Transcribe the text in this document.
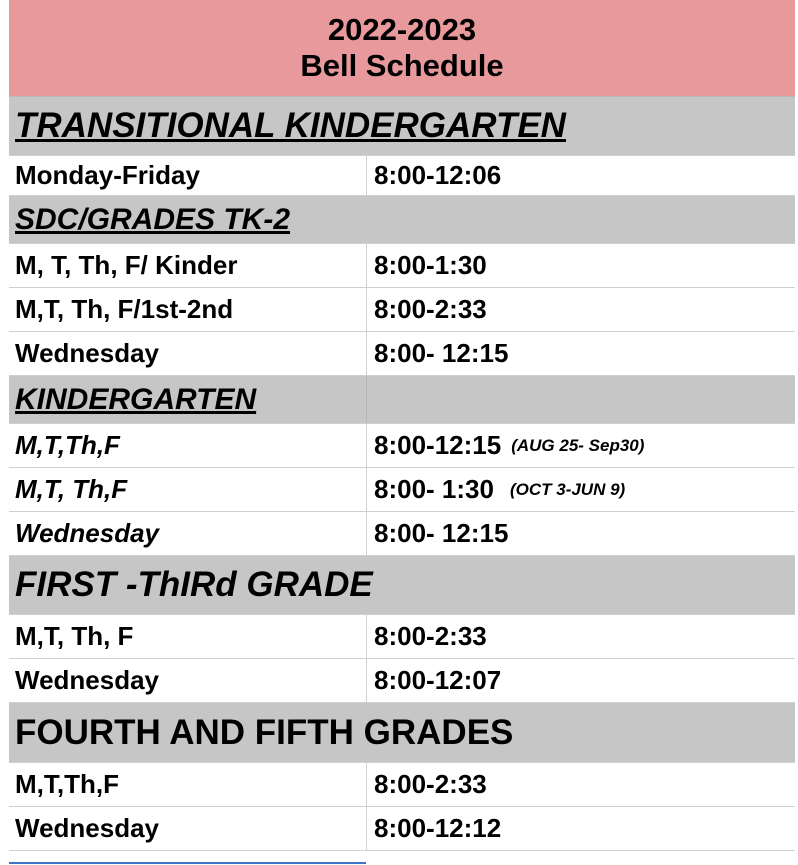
2022-2023
Bell Schedule
TRANSITIONAL KINDERGARTEN
Monday-Friday	8:00-12:06
SDC/GRADES TK-2
M, T, Th, F/ Kinder	8:00-1:30
M,T, Th, F/1st-2nd	8:00-2:33
Wednesday	8:00- 12:15
KINDERGARTEN
M,T,Th,F	8:00-12:15 (AUG 25- Sep30)
M,T, Th,F	8:00- 1:30 (OCT 3-JUN 9)
Wednesday	8:00- 12:15
FIRST -ThIRd GRADE
M,T, Th, F	8:00-2:33
Wednesday	8:00-12:07
FOURTH AND FIFTH GRADES
M,T,Th,F	8:00-2:33
Wednesday	8:00-12:12
